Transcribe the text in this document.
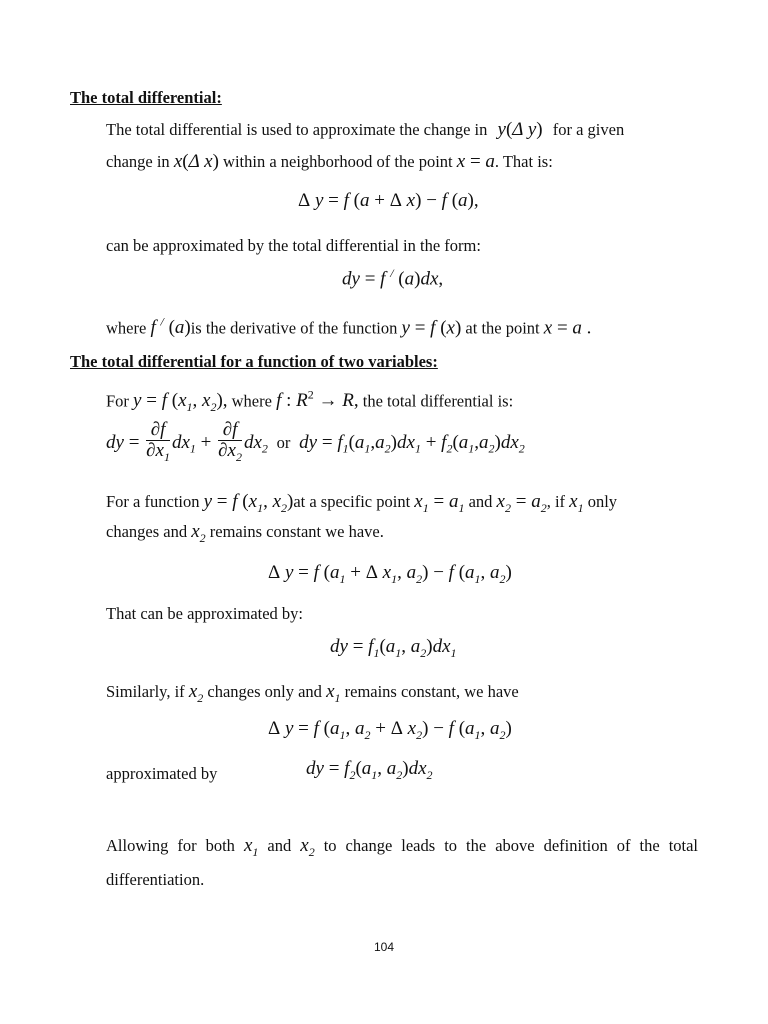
The total differential:
The total differential is used to approximate the change in y(Δ y) for a given
change in x(Δ x) within a neighborhood of the point x = a. That is:
Δ y = f (a + Δ x) − f (a),
can be approximated by the total differential in the form:
dy = f / (a)dx,
where f / (a)is the derivative of the function y = f (x) at the point x = a .
The total differential for a function of two variables:
For y = f ($x_1$, $x_2$), where f : $R^2 \to R$, the total differential is:
dy = $\frac{\partial f}{\partial x_1} dx_1 + \frac{\partial f}{\partial x_2} dx_2$ or dy = $f_1(a_1,a_2)dx_1 + f_2(a_1,a_2)dx_2$
For a function y = f ($x_1$, $x_2)at$ a specific point $x_1 = a_1$ and $x_2 = a_2$, if $x_1$ only
changes and $x_2$ remains constant we have.
Δ y = f ($a_1 + \Delta$ $x_1$, $a_2) - f$ ($a_1$, $a_2$)
That can be approximated by:
dy = $f_1(a_1$, $a_2)dx_1$
Similarly, if $x_2$ changes only and $x_1$ remains constant, we have
Δ y = f ($a_1$, $a_2 + \Delta$ $x_2) - f$ ($a_1$, $a_2$)
approximated by	dy = $f_2(a_1$, $a_2)dx_2$
Allowing for both $x_1$ and $x_2$ to change leads to the above definition of the total differentiation.
104
